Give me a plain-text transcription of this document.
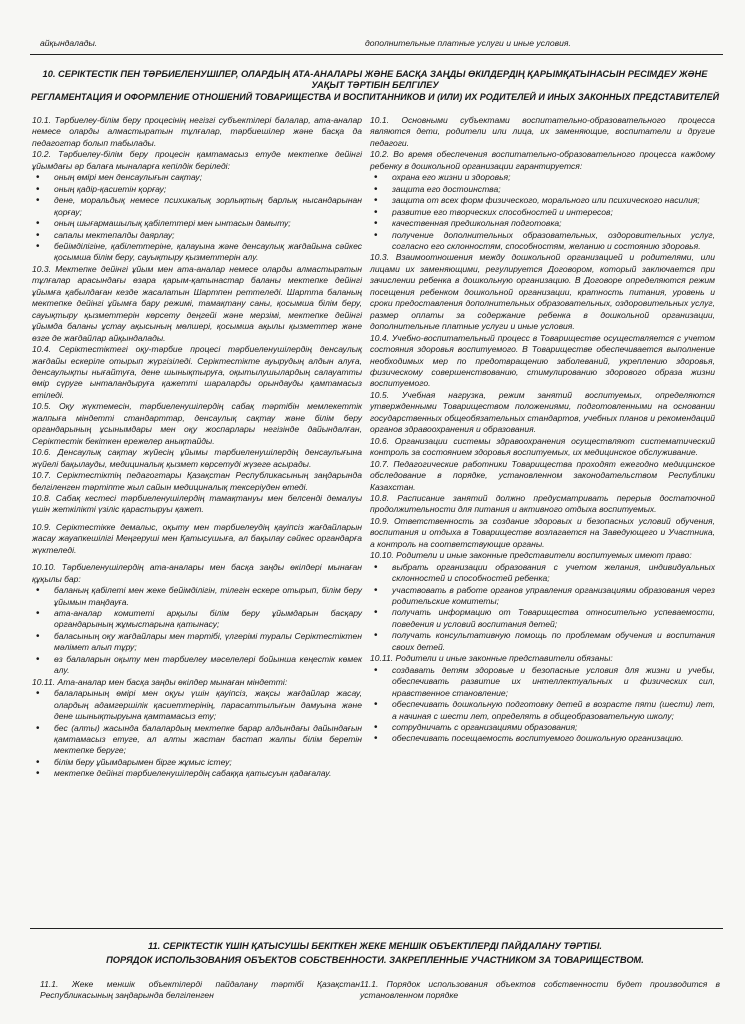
айқындалады.	дополнительные платные услуги и иные условия.
10. СЕРІКТЕСТІК ПЕН ТӘРБИЕЛЕНУШІЛЕР, ОЛАРДЫҢ АТА-АНАЛАРЫ ЖӘНЕ БАСҚА ЗАҢДЫ ӨКІЛДЕРДІҢ ҚАРЫМҚАТЫНАСЫН РЕСІМДЕУ ЖӘНЕ УАҚЫТ ТӘРТІБІН БЕЛГІЛЕУ
РЕГЛАМЕНТАЦИЯ И ОФОРМЛЕНИЕ ОТНОШЕНИЙ ТОВАРИЩЕСТВА И ВОСПИТАННИКОВ И (ИЛИ) ИХ РОДИТЕЛЕЙ И ИНЫХ ЗАКОННЫХ ПРЕДСТАВИТЕЛЕЙ

10.1. Тәрбиелеу-білім беру процесінің негізгі субъектілері балалар, ата-аналар немесе оларды алмастыратын тұлғалар, тәрбиешілер және басқа да педагогтар болып табылады.

10.2. Тәрбиелеу-білім беру процесін қамтамасыз етуде мектепке дейінгі ұйымдағы әр балаға мыналарға кепілдік беріледі:

• оның өмірі мен денсаулығын сақтау;
• оның қадір-қасиетін қорғау;
• дене, моральдық немесе психикалық зорлықтың барлық нысандарынан қорғау;
• оның шығармашылық қабілеттері мен ынтасын дамыту;
• сапалы мектепалды даярлау;
• бейімділігіне, қабілеттеріне, қалауына және денсаулық жағдайына сәйкес қосымша білім беру, сауықтыру қызметтерін алу.

10.3. Мектепке дейінгі ұйым мен ата-аналар немесе оларды алмастыратын тұлғалар арасындағы өзара қарым-қатынастар баланы мектепке дейінгі ұйымға қабылдаған кезде жасалатын Шартпен реттеледі. Шартта баланың мектепке дейінгі ұйымға бару режимі, тамақтану саны, қосымша білім беру, сауықтыру қызметтерін көрсету деңгейі және мерзімі, мектепке дейінгі ұйымда баланы ұстау ақысының мөлшері, қосымша ақылы қызметтер және өзге де жағдайлар айқындалады.

10.4. Серіктестіктегі оқу-тәрбие процесі тәрбиеленушілердің денсаулық жағдайы ескеріле отырып жүргізіледі. Серіктестікте ауырудың алдын алуға, денсаулықты нығайтуға, дене шынықтыруға, оқытылушылардың салауатты өмір сүруге ынталандыруға қажетті шараларды орындауды қамтамасыз етіледі.

10.5. Оқу жүктемесін, тәрбиеленушілердің сабақ тәртібін мемлекеттік жалпыға міндетті стандарттар, денсаулық сақтау және білім беру органдарының ұсынымдары мен оқу жоспарлары негізінде дайындалған, Серіктестік бекіткен ережелер анықтайды.

10.6. Денсаулық сақтау жүйесің ұйымы тәрбиеленушілердің денсаулығына жүйелі бақылауды, медициналық қызмет көрсетуді жүзеге асырады.

10.7. Серіктестіктің педагогтары Қазақстан Республикасының заңдарында белгіленген тәртіпте жыл сайын медициналық тексеріуден өтеді.

10.8. Сабақ кестесі тәрбиеленушілердің тамақтануы мен белсенді демалуы үшін жеткілікті үзіліс қарастыруы қажет.

10.9. Серіктестікке демалыс, оқыту мен тәрбиелеудің қауіпсіз жағдайларын жасау жауапкешілігі Меңгеруші мен Қатысушыға, ал бақылау сәйкес органдарға жүктеледі.

10.10. Тәрбиеленушілердің ата-аналары мен басқа заңды өкілдері мынаған құқылы бар:

• баланың қабілеті мен жеке бейімділігін, тілегін ескере отырып, білім беру ұйымын таңдауға.
• ата-аналар комитеті арқылы білім беру ұйымдарын басқару органдарының жұмыстарына қатынасу;
• баласының оқу жағдайлары мен тәртібі, үлгерімі туралы Серіктестіктен мәлімет алып тұру;
• өз балаларын оқыту мен тәрбиелеу мәселелері бойынша кеңестік көмек алу.

10.11. Ата-аналар мен басқа заңды өкілдер мынаған міндетті:

• балаларының өмірі мен оқуы үшін қауіпсіз, жақсы жағдайлар жасау, олардың адамгершілік қасиеттерінің, парасаттылығын дамуына және дене шынықтыруына қамтамасыз ету;
• бес (алты) жасында балалардың мектепке барар алдындағы дайындағын қамтамасыз етуге, ал алты жастан бастап жалпы білім беретін мектепке беруге;
• білім беру ұйымдарымен бірге жұмыс істеу;
• мектепке дейінгі тәрбиеленушілердің сабаққа қатысуын қадағалау.

10.1. Основными субъектами воспитательно-образовательного процесса являются дети, родители или лица, их заменяющие, воспитатели и другие педагоги.

10.2. Во время обеспечения воспитательно-образовательного процесса каждому ребенку в дошкольной организации гарантируется:

• охрана его жизни и здоровья;
• защита его достоинства;
• защита от всех форм физического, морального или психического насилия;
• развитие его творческих способностей и интересов;
• качественная предшкольная подготовка;
• получение дополнительных образовательных, оздоровительных услуг, согласно его склонностям, способностям, желанию и состоянию здоровья.

10.3. Взаимоотношения между дошкольной организацией и родителями, или лицами их заменяющими, регулируется Договором, который заключается при зачислении ребенка в дошкольную организацию. В Договоре определяются режим посещения ребенком дошкольной организации, кратность питания, уровень и сроки предоставления дополнительных образовательных, оздоровительных услуг, размер оплаты за содержание ребенка в дошкольной организации, дополнительные платные услуги и иные условия.

10.4. Учебно-воспитательный процесс в Товариществе осуществляется с учетом состояния здоровья воспитуемого. В Товариществе обеспечивается выполнение необходимых мер по предотвращению заболеваний, укреплению здоровья, физическому совершенствованию, стимулированию здорового образа жизни воспитуемого.

10.5. Учебная нагрузка, режим занятий воспитуемых, определяются утвержденными Товариществом положениями, подготовленными на основании государственных общеобязательных стандартов, учебных планов и рекомендаций органов здравоохранения и образования.

10.6. Организации системы здравоохранения осуществляют систематический контроль за состоянием здоровья воспитуемых, их медицинское обслуживание.

10.7. Педагогические работники Товарищества проходят ежегодно медицинское обследование в порядке, установленном законодательством Республики Казахстан.

10.8. Расписание занятий должно предусматривать перерыв достаточной продолжительности для питания и активного отдыха воспитуемых.

10.9. Ответственность за создание здоровых и безопасных условий обучения, воспитания и отдыха в Товариществе возлагается на Заведующего и Участника, а контроль на соответствующие органы.

10.10. Родители и иные законные представители воспитуемых имеют право:

• выбрать организации образования с учетом желания, индивидуальных склонностей и способностей ребенка;
• участвовать в работе органов управления организациями образования через родительские комитеты;
• получать информацию от Товарищества относительно успеваемости, поведения и условий воспитания детей;
• получать консультативную помощь по проблемам обучения и воспитания своих детей.

10.11. Родители и иные законные представители обязаны:

• создавать детям здоровые и безопасные условия для жизни и учебы, обеспечивать развитие их интеллектуальных и физических сил, нравственное становление;
• обеспечивать дошкольную подготовку детей в возрасте пяти (шести) лет, а начиная с шести лет, определять в общеобразовательную школу;
• сотрудничать с организациями образования;
• обеспечивать посещаемость воспитуемого дошкольную организацию.
11. СЕРІКТЕСТІК ҮШІН ҚАТЫСУШЫ БЕКІТКЕН ЖЕКЕ МЕНШІК ОБЪЕКТІЛЕРДІ ПАЙДАЛАНУ ТӘРТІБІ.
ПОРЯДОК ИСПОЛЬЗОВАНИЯ ОБЪЕКТОВ СОБСТВЕННОСТИ. ЗАКРЕПЛЕННЫЕ УЧАСТНИКОМ ЗА ТОВАРИЩЕСТВОМ.
11.1. Жеке меншік объектілерді пайдалану тәртібі Қазақстан Республикасының заңдарында белгіленген
11.1. Порядок использования объектов собственности будет производится в установленном порядке
